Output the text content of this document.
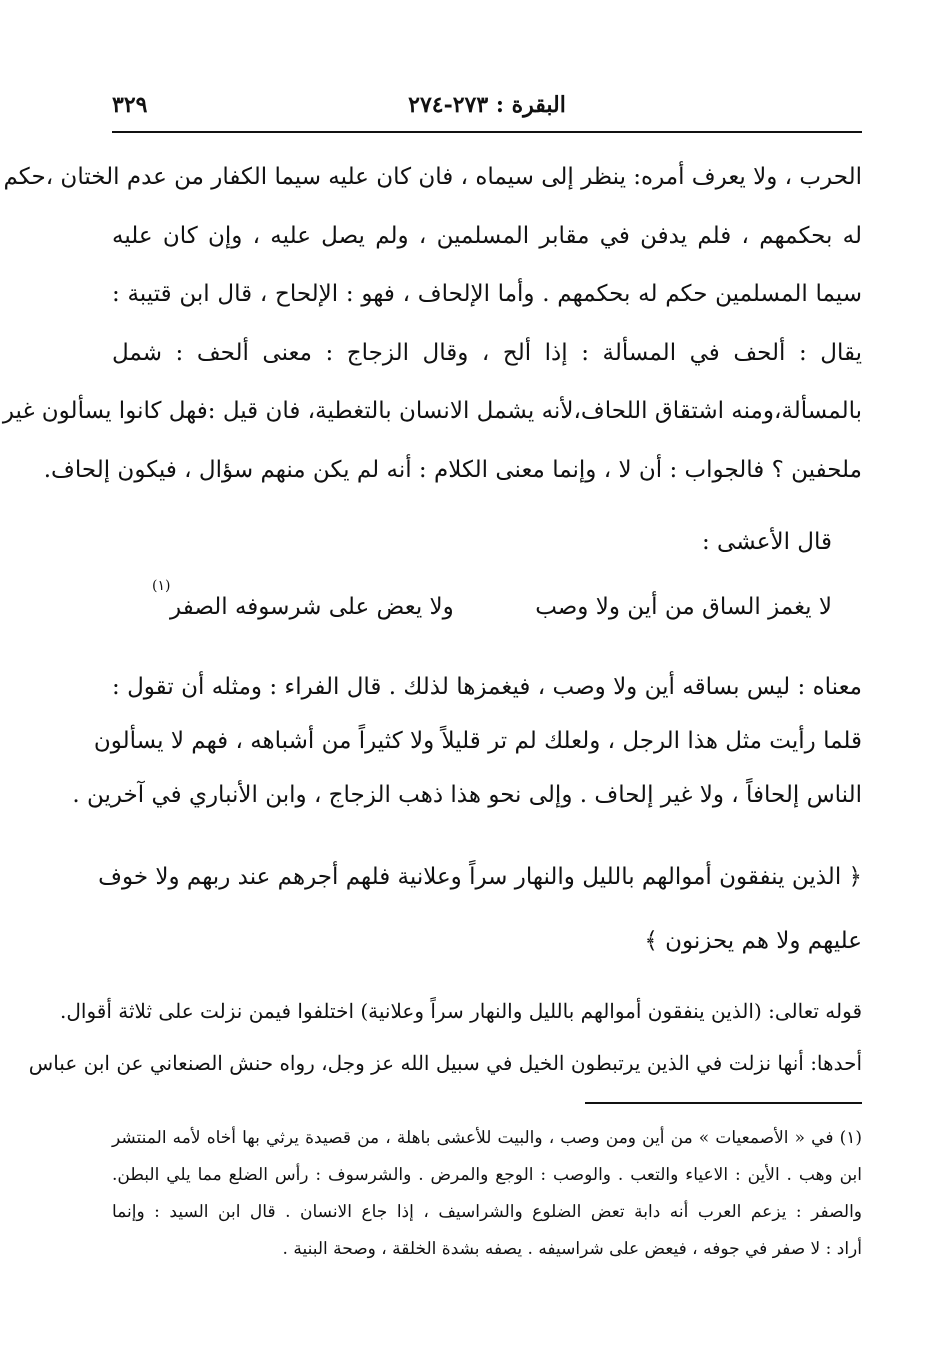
٣٢٩	البقرة : ٢٧٣-٢٧٤
الحرب ، ولا يعرف أمره: ينظر إلى سيماه ، فان كان عليه سيما الكفار من عدم الختان ،حكم
له بحكمهم ، فلم يدفن في مقابر المسلمين ، ولم يصل عليه ، وإن كان عليه
سيما المسلمين حكم له بحكمهم . وأما الإلحاف ، فهو : الإلحاح ، قال ابن قتيبة :
يقال : ألحف في المسألة : إذا ألح ، وقال الزجاج : معنى ألحف : شمل
بالمسألة،ومنه اشتقاق اللحاف،لأنه يشمل الانسان بالتغطية، فان قيل :فهل كانوا يسألون غير
ملحفين ؟ فالجواب : أن لا ، وإنما معنى الكلام : أنه لم يكن منهم سؤال ، فيكون إلحاف.
قال الأعشى :
لا يغمز الساق من أين ولا وصب
ولا يعض على شرسوفه الصفر
(١)
معناه : ليس بساقه أين ولا وصب ، فيغمزها لذلك . قال الفراء : ومثله أن تقول :
قلما رأيت مثل هذا الرجل ، ولعلك لم تر قليلاً ولا كثيراً من أشباهه ، فهم لا يسألون
الناس إلحافاً ، ولا غير إلحاف . وإلى نحو هذا ذهب الزجاج ، وابن الأنباري في آخرين .
﴿ الذين ينفقون أموالهم بالليل والنهار سراً وعلانية فلهم أجرهم عند ربهم ولا خوف
عليهم ولا هم يحزنون ﴾
قوله تعالى: (الذين ينفقون أموالهم بالليل والنهار سراً وعلانية) اختلفوا فيمن نزلت على ثلاثة أقوال.
أحدها: أنها نزلت في الذين يرتبطون الخيل في سبيل الله عز وجل، رواه حنش الصنعاني عن ابن عباس
(١) في « الأصمعيات » من أين ومن وصب ، والبيت للأعشى باهلة ، من قصيدة يرثي بها أخاه لأمه المنتشر
ابن وهب . الأين : الاعياء والتعب . والوصب : الوجع والمرض . والشرسوف : رأس الضلع مما يلي البطن.
والصفر : يزعم العرب أنه دابة تعض الضلوع والشراسيف ، إذا جاع الانسان . قال ابن السيد : وإنما
أراد : لا صفر في جوفه ، فيعض على شراسيفه . يصفه بشدة الخلقة ، وصحة البنية .
